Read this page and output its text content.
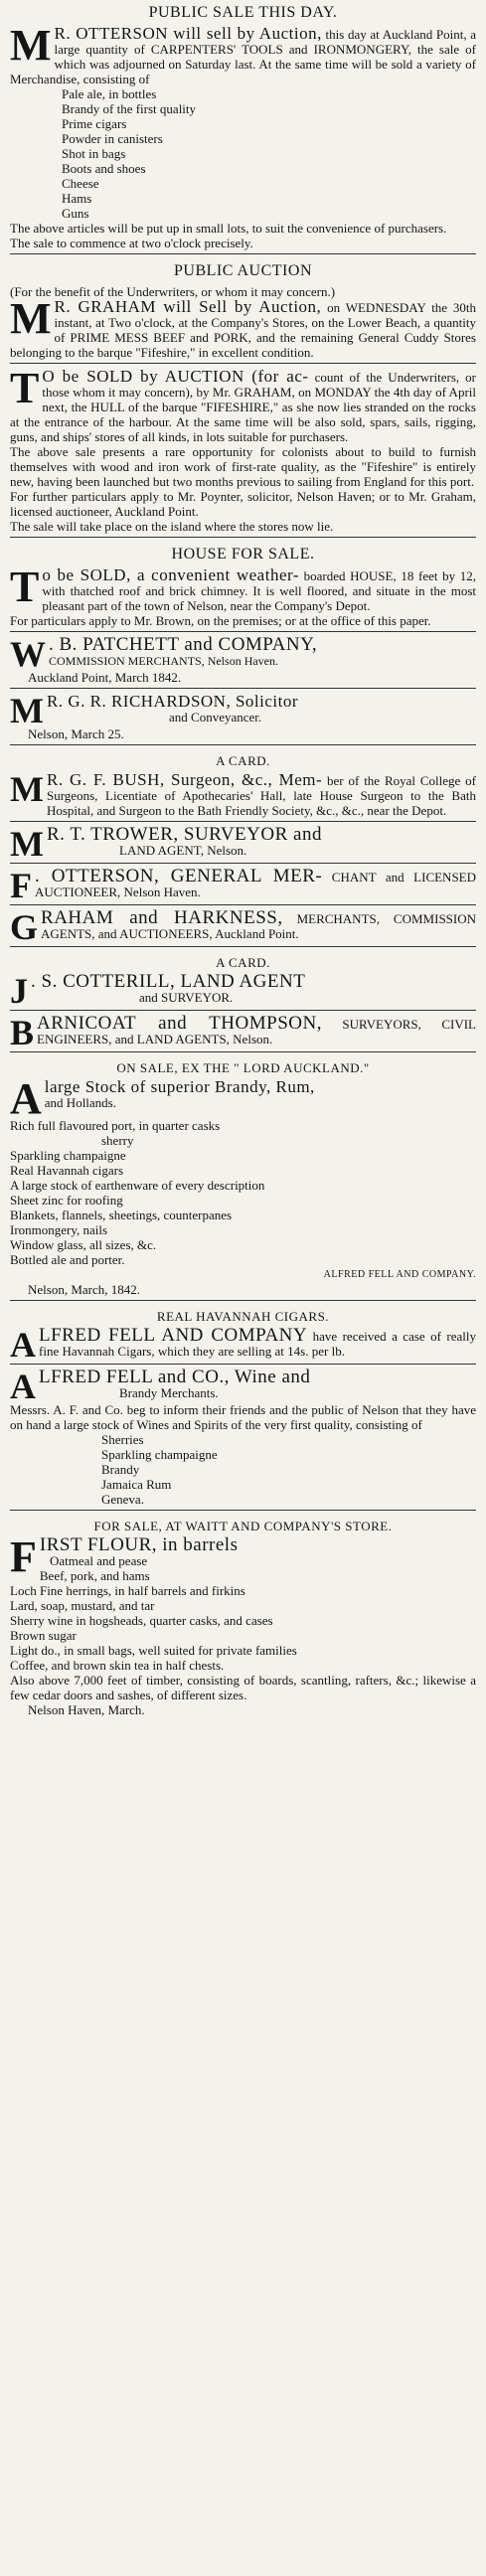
PUBLIC SALE THIS DAY.

M R. OTTERSON will sell by Auction, this day at Auckland Point, a large quantity of CARPENTERS' TOOLS and IRONMONGERY, the sale of which was adjourned on Saturday last. At the same time will be sold a variety of Merchandise, consisting of

Pale ale, in bottles
Brandy of the first quality
Prime cigars
Powder in canisters
Shot in bags
Boots and shoes
Cheese
Hams
Guns

The above articles will be put up in small lots, to suit the convenience of purchasers.

The sale to commence at two o'clock precisely.

PUBLIC AUCTION

(For the benefit of the Underwriters, or whom it may concern.)

M R. GRAHAM will Sell by Auction, on WEDNESDAY the 30th instant, at Two o'clock, at the Company's Stores, on the Lower Beach, a quantity of PRIME MESS BEEF and PORK, and the remaining General Cuddy Stores belonging to the barque "Fifeshire," in excellent condition.

T O be SOLD by AUCTION (for ac- count of the Underwriters, or those whom it may concern), by Mr. GRAHAM, on MONDAY the 4th day of April next, the HULL of the barque "FIFESHIRE," as she now lies stranded on the rocks at the entrance of the harbour. At the same time will be also sold, spars, sails, rigging, guns, and ships' stores of all kinds, in lots suitable for purchasers.

The above sale presents a rare opportunity for colonists about to build to furnish themselves with wood and iron work of first-rate quality, as the "Fifeshire" is entirely new, having been launched but two months previous to sailing from England for this port.

For further particulars apply to Mr. Poynter, solicitor, Nelson Haven; or to Mr. Graham, licensed auctioneer, Auckland Point.

The sale will take place on the island where the stores now lie.

HOUSE FOR SALE.

T o be SOLD, a convenient weather- boarded HOUSE, 18 feet by 12, with thatched roof and brick chimney. It is well floored, and situate in the most pleasant part of the town of Nelson, near the Company's Depot.

For particulars apply to Mr. Brown, on the premises; or at the office of this paper.

W . B. PATCHETT and COMPANY,
COMMISSION MERCHANTS, Nelson Haven.

Auckland Point, March 1842.

M R. G. R. RICHARDSON, Solicitor

and Conveyancer.

Nelson, March 25.
A CARD.

M R. G. F. BUSH, Surgeon, &c., Mem- ber of the Royal College of Surgeons, Licentiate of Apothecaries' Hall, late House Surgeon to the Bath Hospital, and Surgeon to the Bath Friendly Society, &c., &c., near the Depot.

M R. T. TROWER, SURVEYOR and

LAND AGENT, Nelson.

F . OTTERSON, GENERAL MER- CHANT and LICENSED AUCTIONEER, Nelson Haven.

G RAHAM and HARKNESS, MERCHANTS, COMMISSION AGENTS, and AUCTIONEERS, Auckland Point.

A CARD.

J . S. COTTERILL, LAND AGENT

and SURVEYOR.

B ARNICOAT and THOMPSON, SURVEYORS, CIVIL ENGINEERS, and LAND AGENTS, Nelson.

ON SALE, EX THE " LORD AUCKLAND."

A large Stock of superior Brandy, Rum,

and Hollands.

Rich full flavoured port, in quarter casks
sherry
Sparkling champaigne
Real Havannah cigars
A large stock of earthenware of every description
Sheet zinc for roofing
Blankets, flannels, sheetings, counterpanes
Ironmongery, nails
Window glass, all sizes, &c.
Bottled ale and porter.
ALFRED FELL AND COMPANY.
Nelson, March, 1842.
REAL HAVANNAH CIGARS.

A LFRED FELL AND COMPANY have received a case of really fine Havannah Cigars, which they are selling at 14s. per lb.

A LFRED FELL and CO., Wine and

Brandy Merchants.

Messrs. A. F. and Co. beg to inform their friends and the public of Nelson that they have on hand a large stock of Wines and Spirits of the very first quality, consisting of

Sherries
Sparkling champaigne
Brandy
Jamaica Rum
Geneva.
FOR SALE, AT WAITT AND COMPANY'S STORE.

F IRST FLOUR, in barrels

Oatmeal and pease
Beef, pork, and hams
Loch Fine herrings, in half barrels and firkins
Lard, soap, mustard, and tar
Sherry wine in hogsheads, quarter casks, and cases
Brown sugar
Light do., in small bags, well suited for private families
Coffee, and brown skin tea in half chests.

Also above 7,000 feet of timber, consisting of boards, scantling, rafters, &c.; likewise a few cedar doors and sashes, of different sizes.

Nelson Haven, March.
